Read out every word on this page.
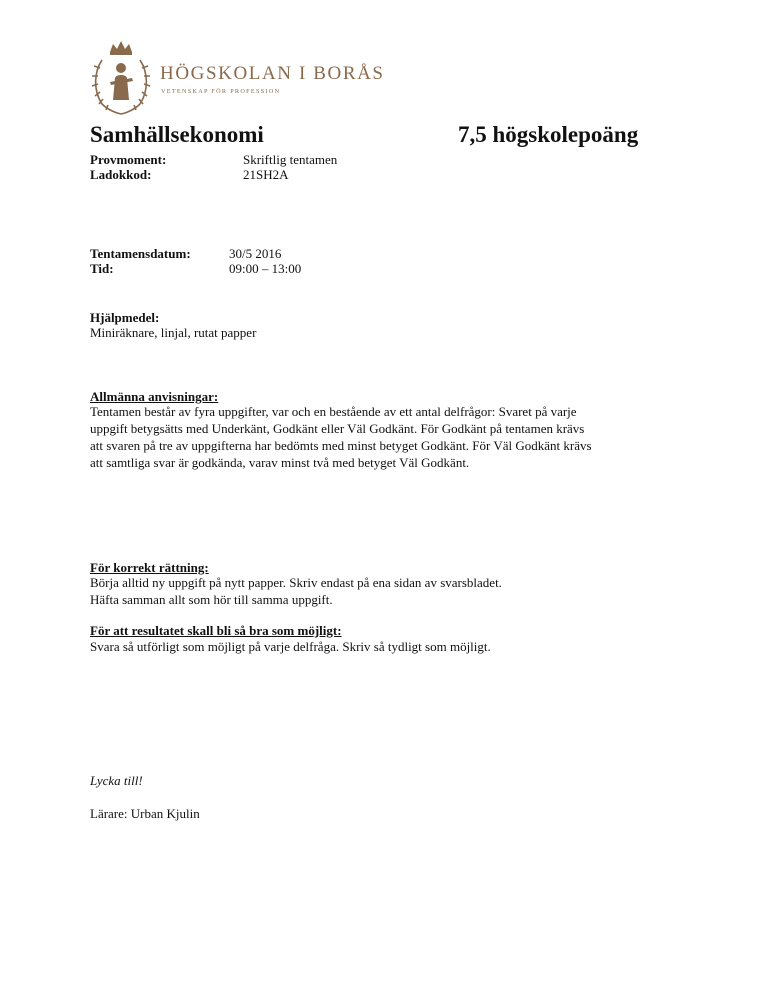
HÖGSKOLAN I BORÅS
VETENSKAP FÖR PROFESSION
Samhällsekonomi	7,5 högskolepoäng
Provmoment:	Skriftlig tentamen
Ladokkod:	21SH2A
Tentamensdatum:	30/5 2016
Tid:	09:00 – 13:00
Hjälpmedel:
Miniräknare, linjal, rutat papper
Allmänna anvisningar:
Tentamen består av fyra uppgifter, var och en bestående av ett antal delfrågor: Svaret på varje
uppgift betygsätts med Underkänt, Godkänt eller Väl Godkänt. För Godkänt på tentamen krävs
att svaren på tre av uppgifterna har bedömts med minst betyget Godkänt. För Väl Godkänt krävs
att samtliga svar är godkända, varav minst två med betyget Väl Godkänt.
För korrekt rättning:
Börja alltid ny uppgift på nytt papper. Skriv endast på ena sidan av svarsbladet.
Häfta samman allt som hör till samma uppgift.
För att resultatet skall bli så bra som möjligt:
Svara så utförligt som möjligt på varje delfråga. Skriv så tydligt som möjligt.
Lycka till!
Lärare: Urban Kjulin
